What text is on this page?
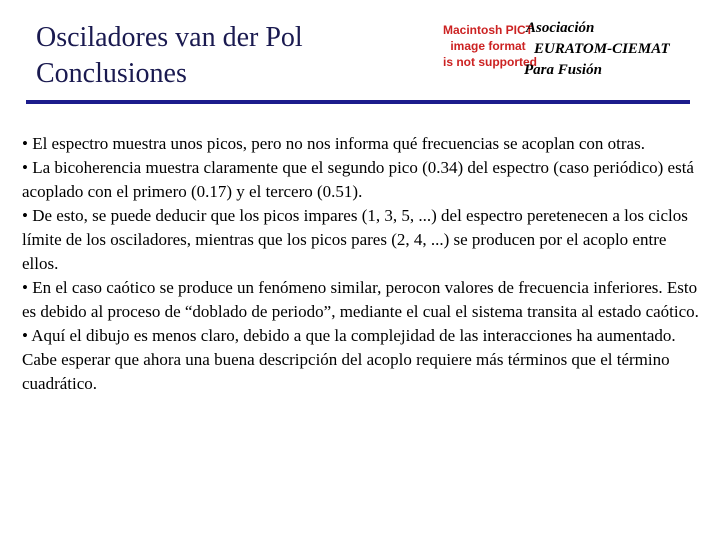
Osciladores van der Pol
Conclusiones
Macintosh PICT
image format
is not supported
Asociación
EURATOM-CIEMAT
Para Fusión

• El espectro muestra unos picos, pero no nos informa qué frecuencias se acoplan con otras.

• La bicoherencia muestra claramente que el segundo pico (0.34) del espectro (caso periódico) está acoplado con el primero (0.17) y el tercero (0.51).

• De esto, se puede deducir que los picos impares (1, 3, 5, ...) del espectro peretenecen a los ciclos límite de los osciladores, mientras que los picos pares (2, 4, ...) se producen por el acoplo entre ellos.

• En el caso caótico se produce un fenómeno similar, perocon valores de frecuencia inferiores. Esto es debido al proceso de “doblado de periodo”, mediante el cual el sistema transita al estado caótico.

• Aquí el dibujo es menos claro, debido a que la complejidad de las interacciones ha aumentado. Cabe esperar que ahora una buena descripción del acoplo requiere más términos que el término cuadrático.
